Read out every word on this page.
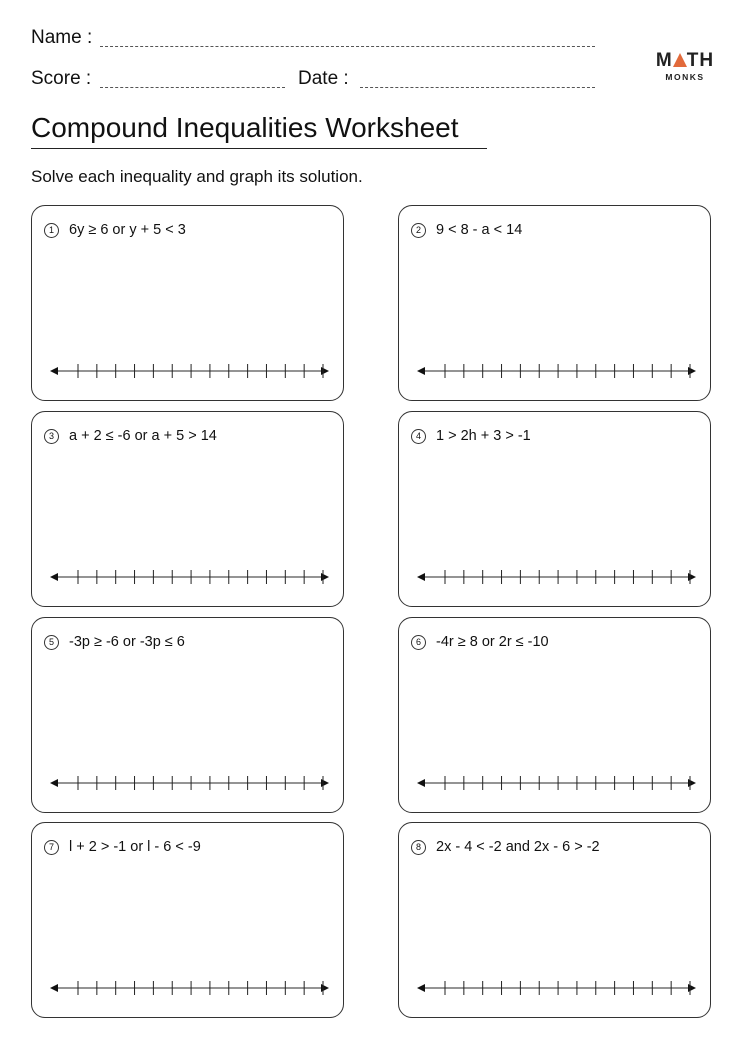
Name :
Score :	Date :
M TH
MONKS
Compound Inequalities Worksheet
Solve each inequality and graph its solution.
1	6y ≥ 6 or y + 5 < 3	2	9 < 8 - a < 14
3	a + 2 ≤ -6 or a + 5 > 14	4	1 > 2h + 3 > -1
5	-3p ≥ -6 or -3p ≤ 6	6	-4r ≥ 8 or 2r ≤ -10
7	l + 2 > -1 or l - 6 < -9	8	2x - 4 < -2 and 2x - 6 > -2
